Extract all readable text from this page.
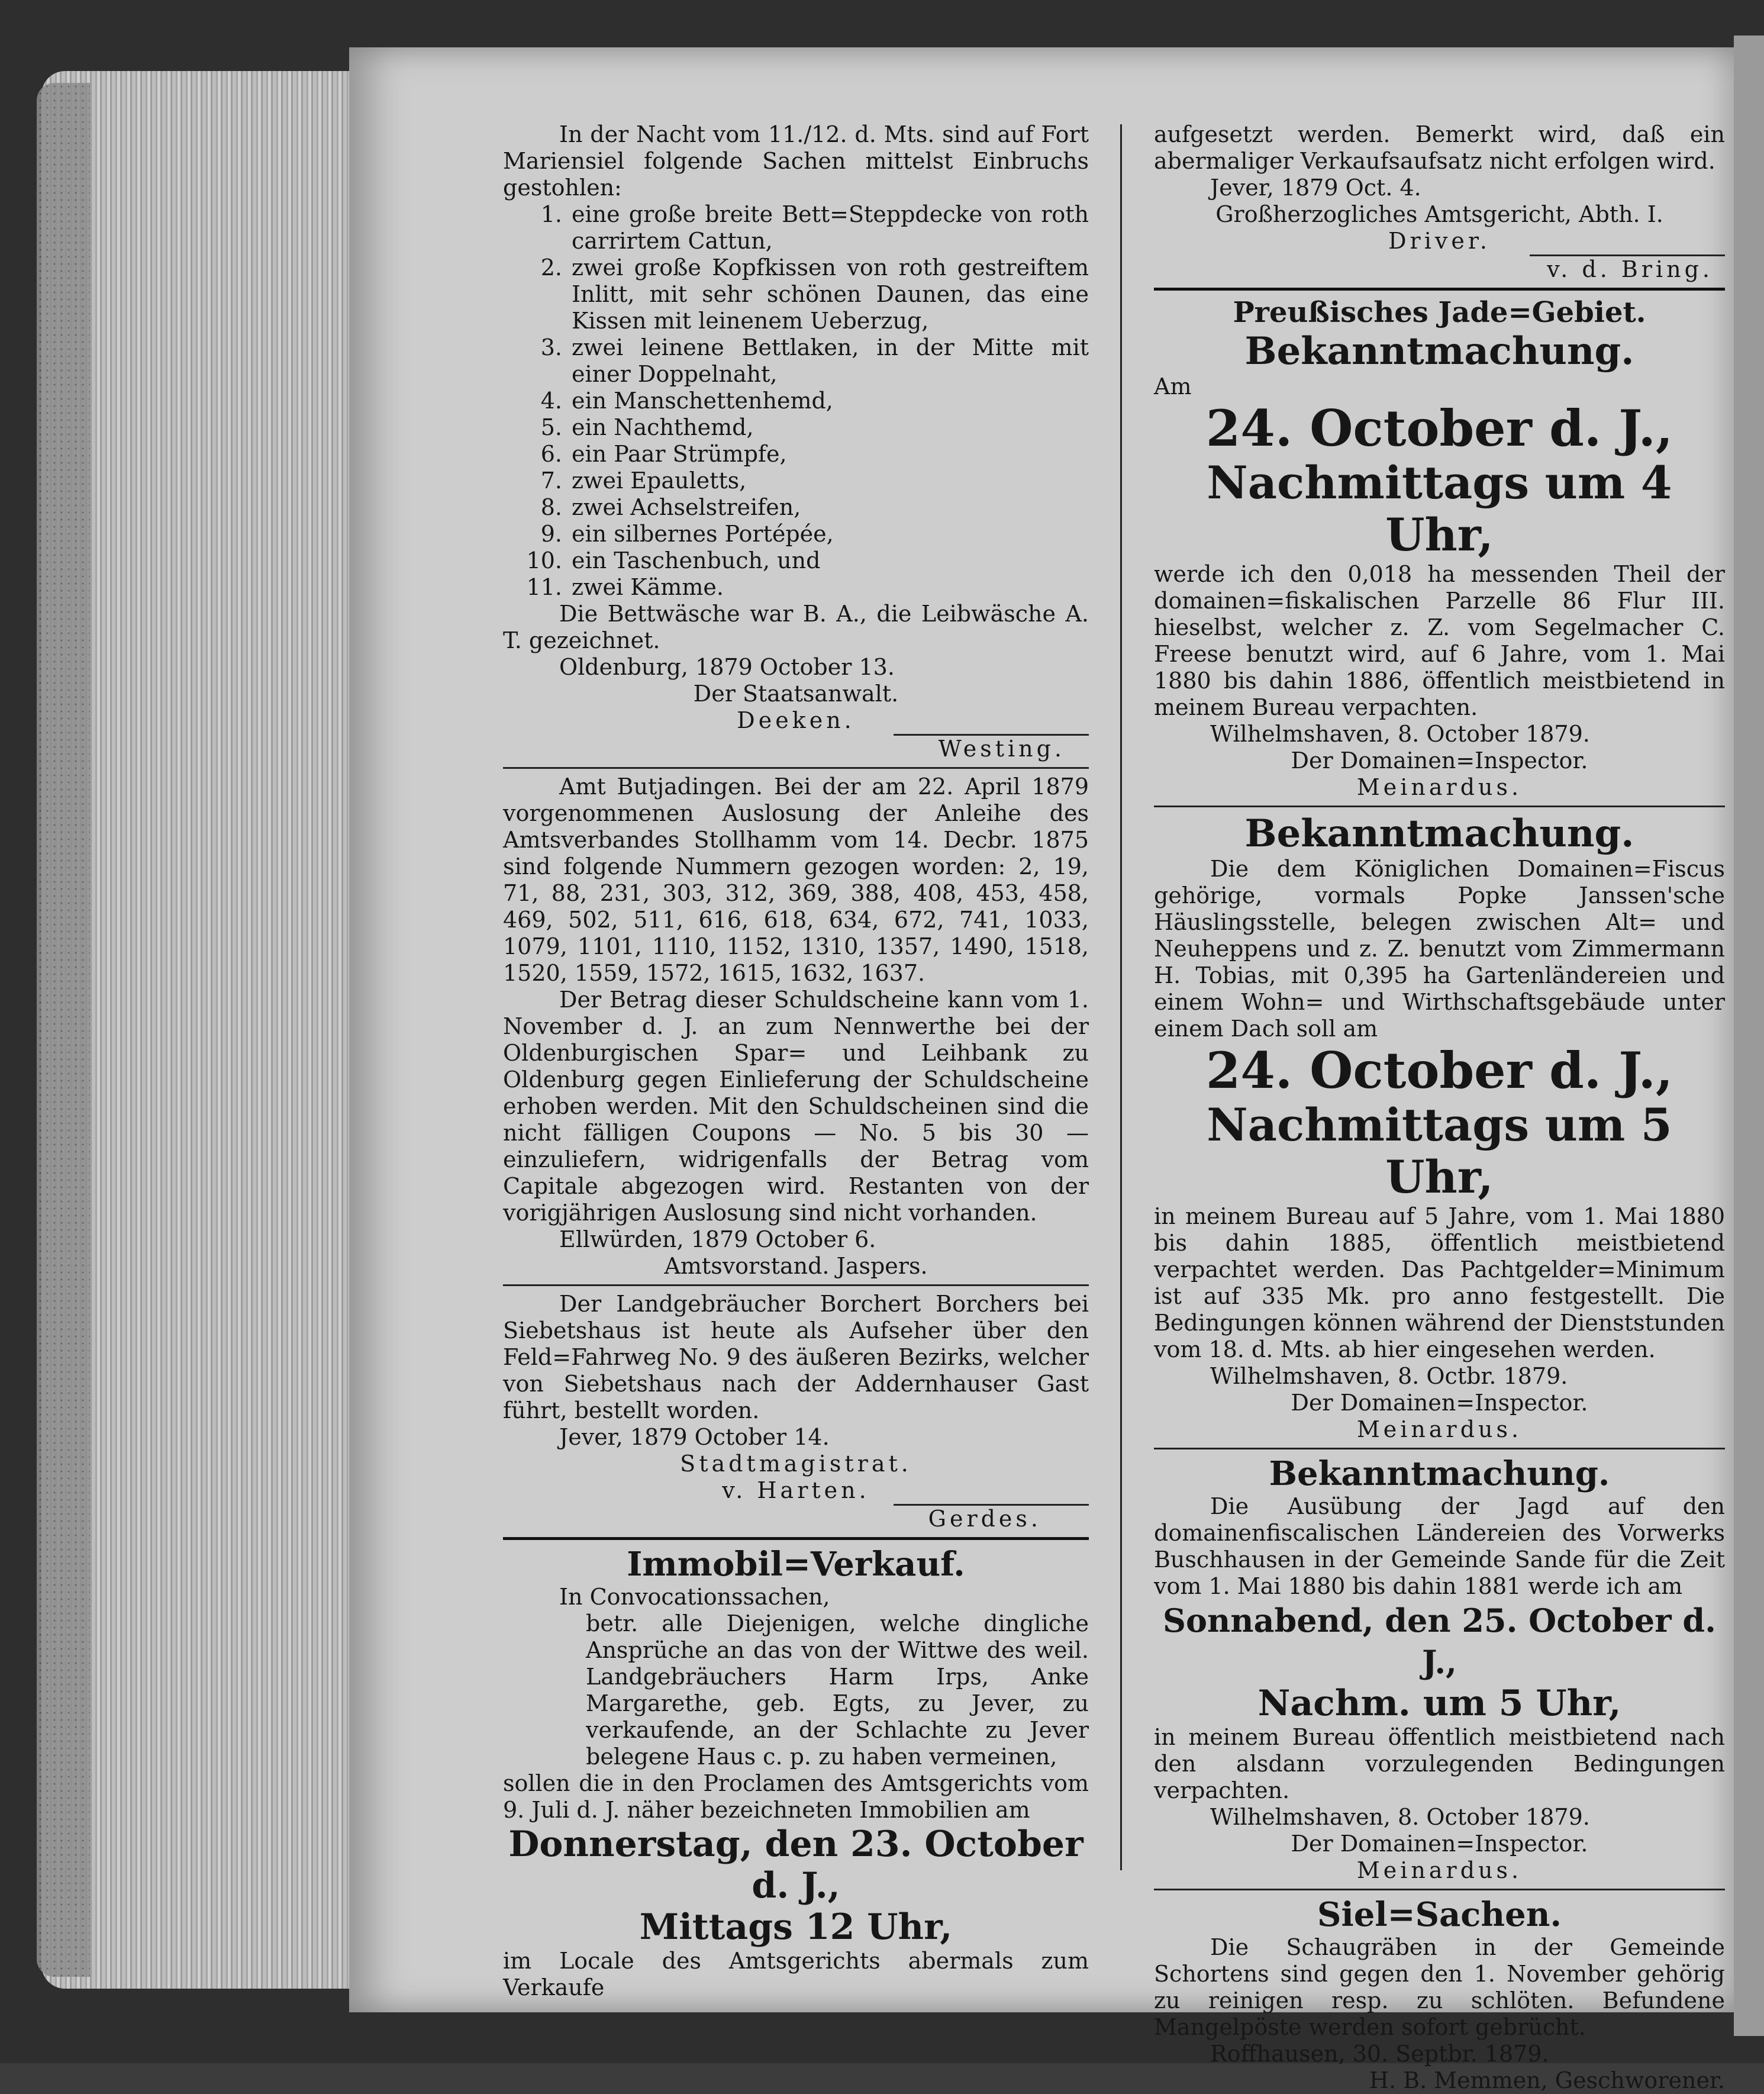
In der Nacht vom 11./12. d. Mts. sind auf Fort Mariensiel folgende Sachen mittelst Einbruchs gestohlen:

1. eine große breite Bett=Steppdecke von roth carrirtem Cattun,
2. zwei große Kopfkissen von roth gestreiftem Inlitt, mit sehr schönen Daunen, das eine Kissen mit leinenem Ueberzug,
3. zwei leinene Bettlaken, in der Mitte mit einer Doppelnaht,
4. ein Manschettenhemd,
5. ein Nachthemd,
6. ein Paar Strümpfe,
7. zwei Epauletts,
8. zwei Achselstreifen,
9. ein silbernes Portépée,
10. ein Taschenbuch, und
11. zwei Kämme.

Die Bettwäsche war B. A., die Leibwäsche A. T. gezeichnet.

Oldenburg, 1879 October 13.

Der Staatsanwalt.

Deeken.

Westing.

Amt Butjadingen. Bei der am 22. April 1879 vorgenommenen Auslosung der Anleihe des Amtsverbandes Stollhamm vom 14. Decbr. 1875 sind folgende Nummern gezogen worden: 2, 19, 71, 88, 231, 303, 312, 369, 388, 408, 453, 458, 469, 502, 511, 616, 618, 634, 672, 741, 1033, 1079, 1101, 1110, 1152, 1310, 1357, 1490, 1518, 1520, 1559, 1572, 1615, 1632, 1637.

Der Betrag dieser Schuldscheine kann vom 1. November d. J. an zum Nennwerthe bei der Oldenburgischen Spar= und Leihbank zu Oldenburg gegen Einlieferung der Schuldscheine erhoben werden. Mit den Schuldscheinen sind die nicht fälligen Coupons — No. 5 bis 30 — einzuliefern, widrigenfalls der Betrag vom Capitale abgezogen wird. Restanten von der vorigjährigen Auslosung sind nicht vorhanden.

Ellwürden, 1879 October 6.

Amtsvorstand. Jaspers.

Der Landgebräucher Borchert Borchers bei Siebetshaus ist heute als Aufseher über den Feld=Fahrweg No. 9 des äußeren Bezirks, welcher von Siebetshaus nach der Addernhauser Gast führt, bestellt worden.

Jever, 1879 October 14.

Stadtmagistrat.

v. Harten.

Gerdes.

Immobil=Verkauf.

In Convocationssachen,

betr. alle Diejenigen, welche dingliche Ansprüche an das von der Wittwe des weil. Landgebräuchers Harm Irps, Anke Margarethe, geb. Egts, zu Jever, zu verkaufende, an der Schlachte zu Jever belegene Haus c. p. zu haben vermeinen,

sollen die in den Proclamen des Amtsgerichts vom 9. Juli d. J. näher bezeichneten Immobilien am

Donnerstag, den 23. October d. J.,

Mittags 12 Uhr,

im Locale des Amtsgerichts abermals zum Verkaufe

aufgesetzt werden. Bemerkt wird, daß ein abermaliger Verkaufsaufsatz nicht erfolgen wird.

Jever, 1879 Oct. 4.

Großherzogliches Amtsgericht, Abth. I.

Driver.

v. d. Bring.

Preußisches Jade=Gebiet.

Bekanntmachung.

Am

24. October d. J.,

Nachmittags um 4 Uhr,

werde ich den 0,018 ha messenden Theil der domainen=fiskalischen Parzelle 86 Flur III. hieselbst, welcher z. Z. vom Segelmacher C. Freese benutzt wird, auf 6 Jahre, vom 1. Mai 1880 bis dahin 1886, öffentlich meistbietend in meinem Bureau verpachten.

Wilhelmshaven, 8. October 1879.

Der Domainen=Inspector.

Meinardus.

Bekanntmachung.

Die dem Königlichen Domainen=Fiscus gehörige, vormals Popke Janssen'sche Häuslingsstelle, belegen zwischen Alt= und Neuheppens und z. Z. benutzt vom Zimmermann H. Tobias, mit 0,395 ha Gartenländereien und einem Wohn= und Wirthschaftsgebäude unter einem Dach soll am

24. October d. J.,

Nachmittags um 5 Uhr,

in meinem Bureau auf 5 Jahre, vom 1. Mai 1880 bis dahin 1885, öffentlich meistbietend verpachtet werden. Das Pachtgelder=Minimum ist auf 335 Mk. pro anno festgestellt. Die Bedingungen können während der Dienststunden vom 18. d. Mts. ab hier eingesehen werden.

Wilhelmshaven, 8. Octbr. 1879.

Der Domainen=Inspector.

Meinardus.

Bekanntmachung.

Die Ausübung der Jagd auf den domainenfiscalischen Ländereien des Vorwerks Buschhausen in der Gemeinde Sande für die Zeit vom 1. Mai 1880 bis dahin 1881 werde ich am

Sonnabend, den 25. October d. J.,

Nachm. um 5 Uhr,

in meinem Bureau öffentlich meistbietend nach den alsdann vorzulegenden Bedingungen verpachten.

Wilhelmshaven, 8. October 1879.

Der Domainen=Inspector.

Meinardus.

Siel=Sachen.

Die Schaugräben in der Gemeinde Schortens sind gegen den 1. November gehörig zu reinigen resp. zu schlöten. Befundene Mangelpöste werden sofort gebrücht.

Roffhausen, 30. Septbr. 1879.

H. B. Memmen, Geschworener.
